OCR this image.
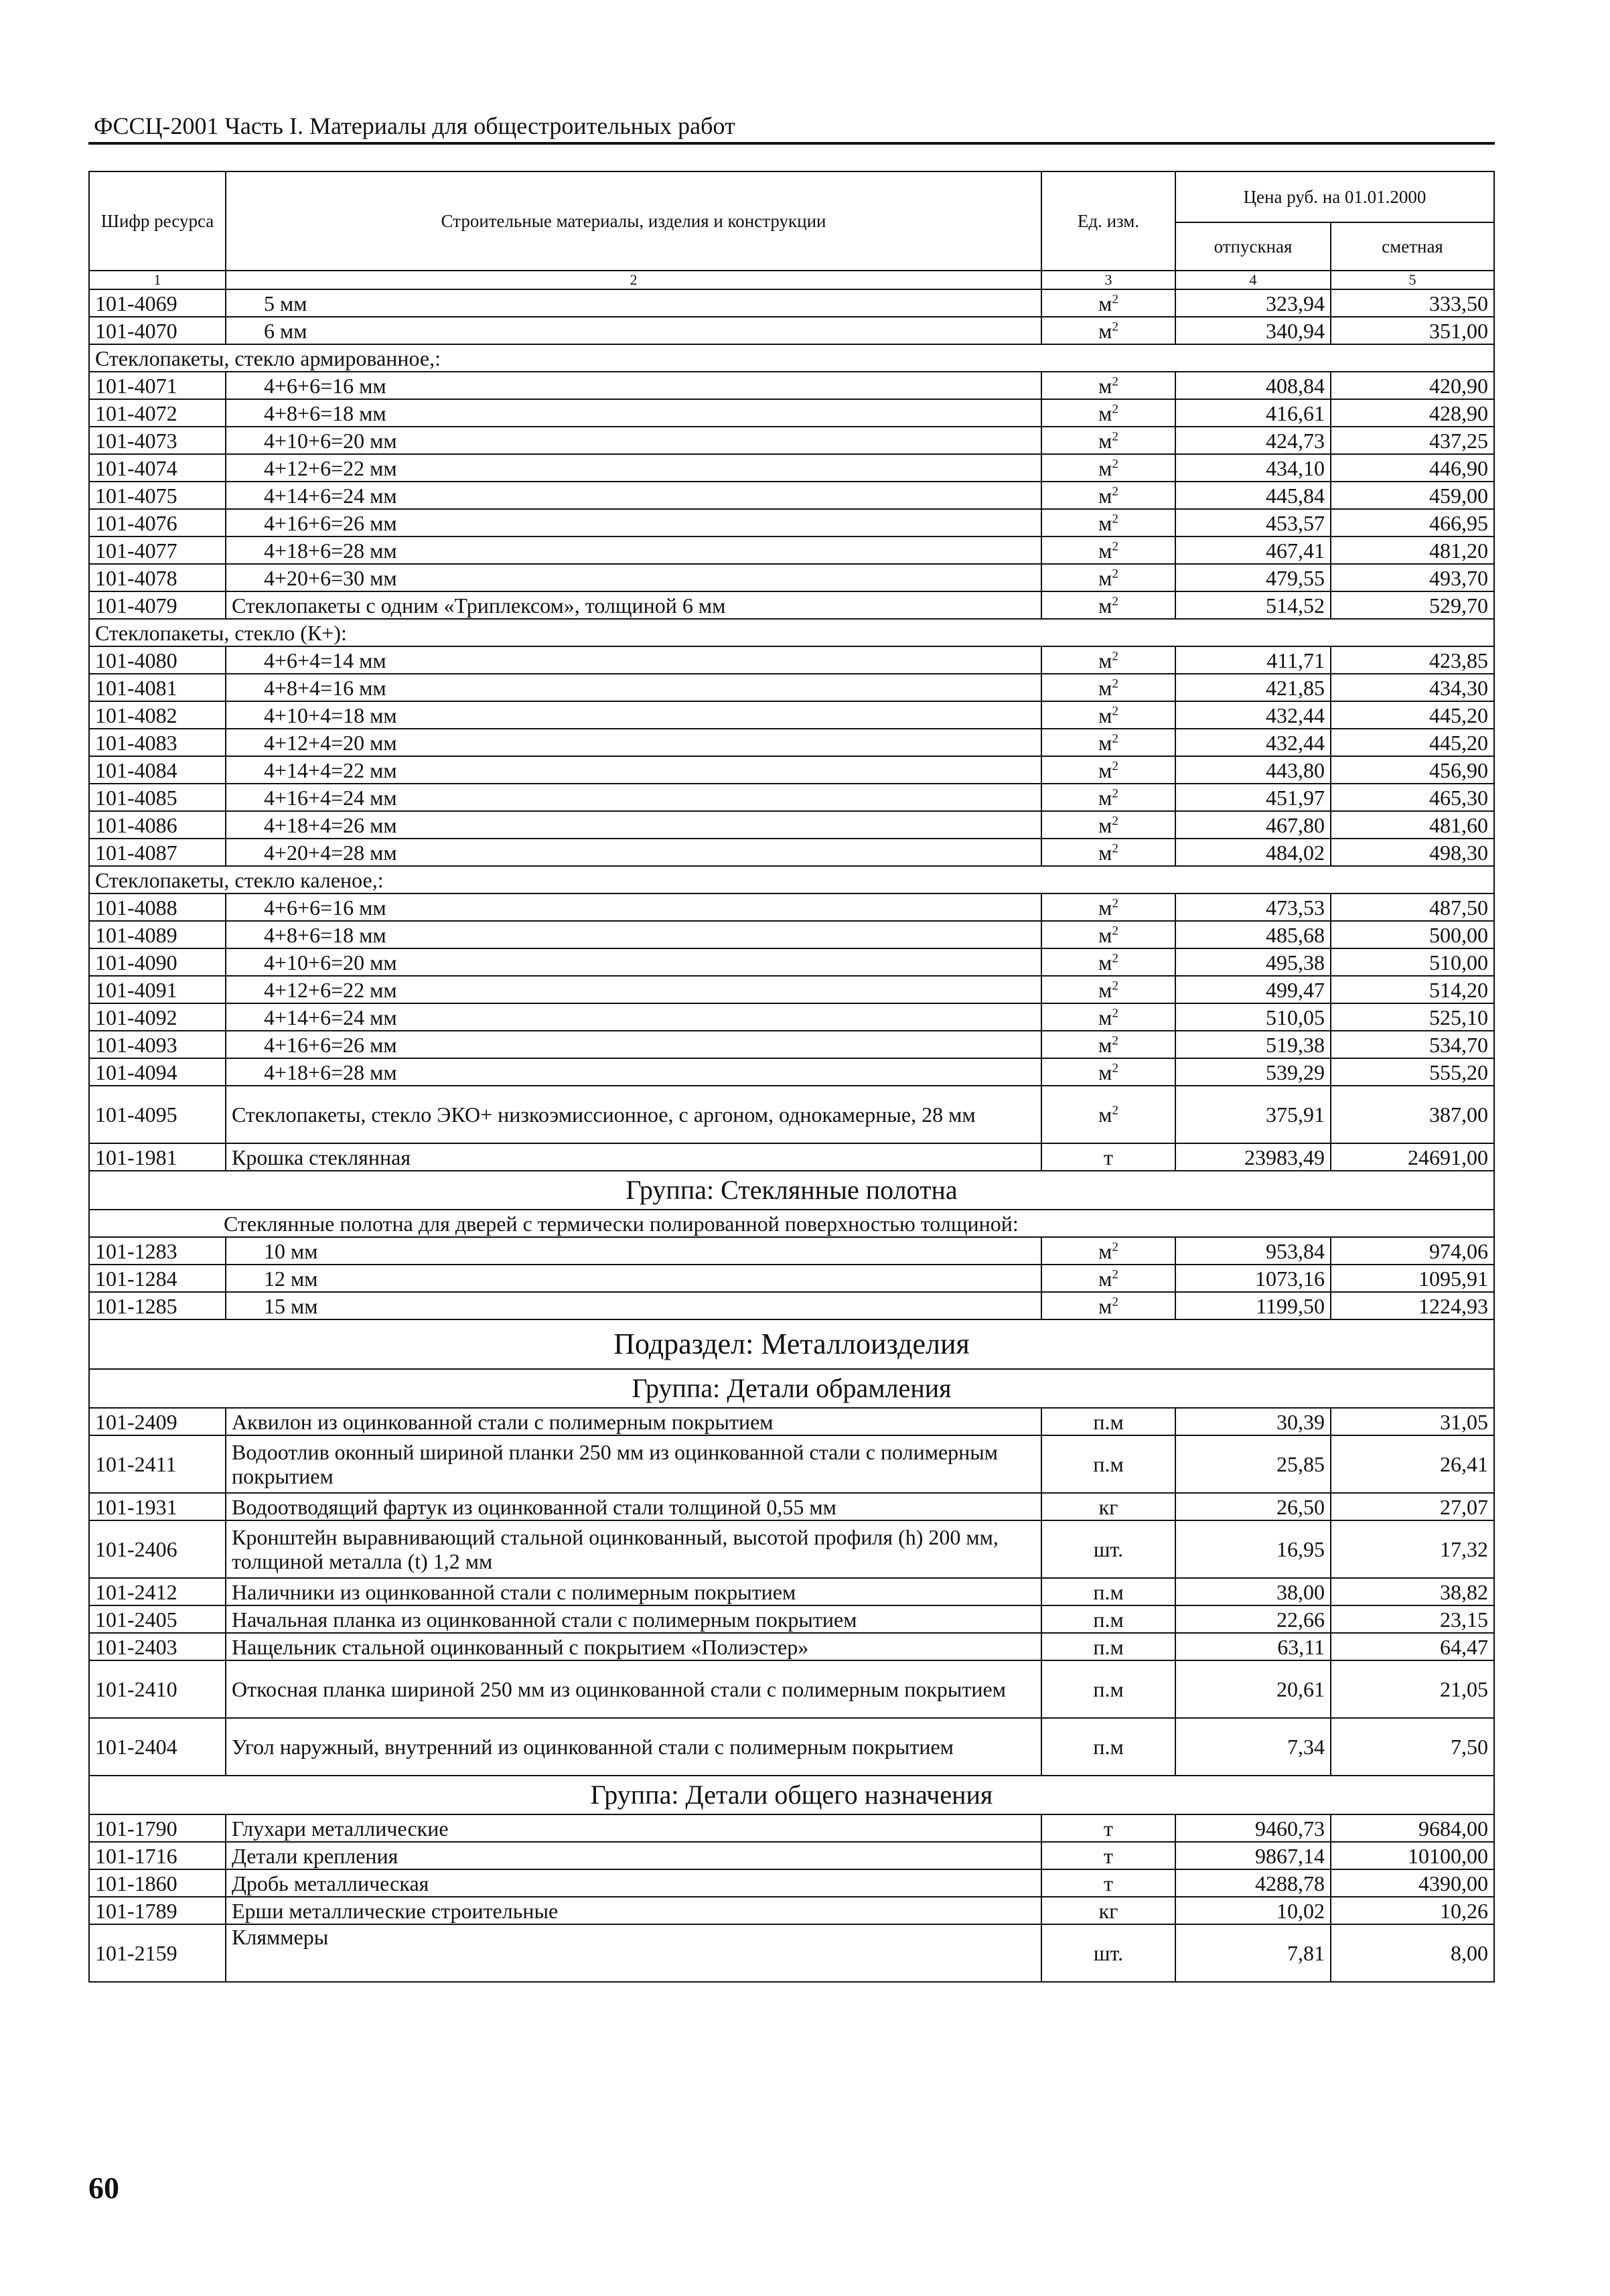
ФССЦ-2001 Часть I. Материалы для общестроительных работ
Шифр ресурса	Строительные материалы, изделия и конструкции	Ед. изм.	Цена руб. на 01.01.2000	
			отпускная	сметная
1	2	3	4	5
101-4069	5 мм	$м^2$	323,94	333,50
101-4070	6 мм	$м^2$	340,94	351,00
Стеклопакеты, стекло армированное,:				
101-4071	4+6+6=16 мм	$м^2$	408,84	420,90
101-4072	4+8+6=18 мм	$м^2$	416,61	428,90
101-4073	4+10+6=20 мм	$м^2$	424,73	437,25
101-4074	4+12+6=22 мм	$м^2$	434,10	446,90
101-4075	4+14+6=24 мм	$м^2$	445,84	459,00
101-4076	4+16+6=26 мм	$м^2$	453,57	466,95
101-4077	4+18+6=28 мм	$м^2$	467,41	481,20
101-4078	4+20+6=30 мм	$м^2$	479,55	493,70
101-4079	Стеклопакеты с одним «Триплексом», толщиной 6 мм	$м^2$	514,52	529,70
Стеклопакеты, стекло (К+):				
101-4080	4+6+4=14 мм	$м^2$	411,71	423,85
101-4081	4+8+4=16 мм	$м^2$	421,85	434,30
101-4082	4+10+4=18 мм	$м^2$	432,44	445,20
101-4083	4+12+4=20 мм	$м^2$	432,44	445,20
101-4084	4+14+4=22 мм	$м^2$	443,80	456,90
101-4085	4+16+4=24 мм	$м^2$	451,97	465,30
101-4086	4+18+4=26 мм	$м^2$	467,80	481,60
101-4087	4+20+4=28 мм	$м^2$	484,02	498,30
Стеклопакеты, стекло каленое,:				
101-4088	4+6+6=16 мм	$м^2$	473,53	487,50
101-4089	4+8+6=18 мм	$м^2$	485,68	500,00
101-4090	4+10+6=20 мм	$м^2$	495,38	510,00
101-4091	4+12+6=22 мм	$м^2$	499,47	514,20
101-4092	4+14+6=24 мм	$м^2$	510,05	525,10
101-4093	4+16+6=26 мм	$м^2$	519,38	534,70
101-4094	4+18+6=28 мм	$м^2$	539,29	555,20
101-4095	Стеклопакеты, стекло ЭКО+ низкоэмиссионное, с аргоном, однокамерные, 28 мм	$м^2$	375,91	387,00
101-1981	Крошка стеклянная	т	23983,49	24691,00
Группа: Стеклянные полотна				
Стеклянные полотна для дверей с термически полированной поверхностью толщиной:				
101-1283	10 мм	$м^2$	953,84	974,06
101-1284	12 мм	$м^2$	1073,16	1095,91
101-1285	15 мм	$м^2$	1199,50	1224,93
Подраздел: Металлоизделия				
Группа: Детали обрамления				
101-2409	Аквилон из оцинкованной стали с полимерным покрытием	п.м	30,39	31,05
101-2411	Водоотлив оконный шириной планки 250 мм из оцинкованной стали с полимерным покрытием	п.м	25,85	26,41
101-1931	Водоотводящий фартук из оцинкованной стали толщиной 0,55 мм	кг	26,50	27,07
101-2406	Кронштейн выравнивающий стальной оцинкованный, высотой профиля (h) 200 мм, толщиной металла (t) 1,2 мм	шт.	16,95	17,32
101-2412	Наличники из оцинкованной стали с полимерным покрытием	п.м	38,00	38,82
101-2405	Начальная планка из оцинкованной стали с полимерным покрытием	п.м	22,66	23,15
101-2403	Нащельник стальной оцинкованный с покрытием «Полиэстер»	п.м	63,11	64,47
101-2410	Откосная планка шириной 250 мм из оцинкованной стали с полимерным покрытием	п.м	20,61	21,05
101-2404	Угол наружный, внутренний из оцинкованной стали с полимерным покрытием	п.м	7,34	7,50
Группа: Детали общего назначения				
101-1790	Глухари металлические	т	9460,73	9684,00
101-1716	Детали крепления	т	9867,14	10100,00
101-1860	Дробь металлическая	т	4288,78	4390,00
101-1789	Ерши металлические строительные	кг	10,02	10,26
101-2159	Кляммеры	шт.	7,81	8,00
60
